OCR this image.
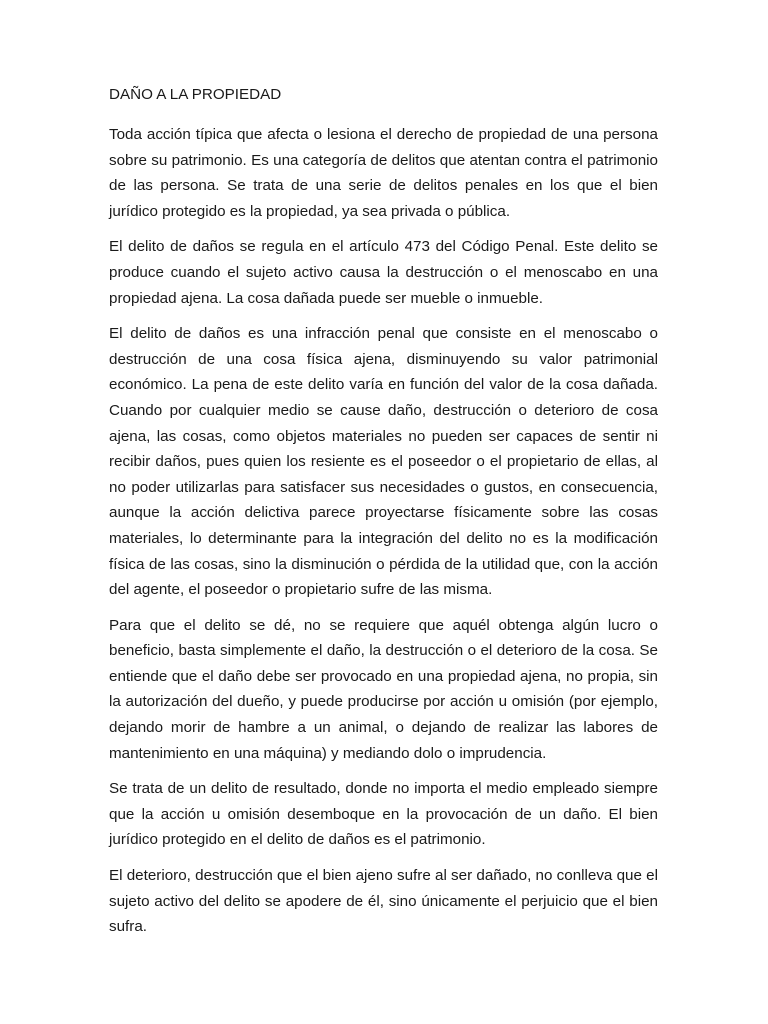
DAÑO A LA PROPIEDAD

Toda acción típica que afecta o lesiona el derecho de propiedad de una persona sobre su patrimonio. Es una categoría de delitos que atentan contra el patrimonio de las persona. Se trata de una serie de delitos penales en los que el bien jurídico protegido es la propiedad, ya sea privada o pública.

El delito de daños se regula en el artículo 473 del Código Penal. Este delito se produce cuando el sujeto activo causa la destrucción o el menoscabo en una propiedad ajena. La cosa dañada puede ser mueble o inmueble.

El delito de daños es una infracción penal que consiste en el menoscabo o destrucción de una cosa física ajena, disminuyendo su valor patrimonial económico. La pena de este delito varía en función del valor de la cosa dañada. Cuando por cualquier medio se cause daño, destrucción o deterioro de cosa ajena, las cosas, como objetos materiales no pueden ser capaces de sentir ni recibir daños, pues quien los resiente es el poseedor o el propietario de ellas, al no poder utilizarlas para satisfacer sus necesidades o gustos, en consecuencia, aunque la acción delictiva parece proyectarse físicamente sobre las cosas materiales, lo determinante para la integración del delito no es la modificación física de las cosas, sino la disminución o pérdida de la utilidad que, con la acción del agente, el poseedor o propietario sufre de las misma.

Para que el delito se dé, no se requiere que aquél obtenga algún lucro o beneficio, basta simplemente el daño, la destrucción o el deterioro de la cosa. Se entiende que el daño debe ser provocado en una propiedad ajena, no propia, sin la autorización del dueño, y puede producirse por acción u omisión (por ejemplo, dejando morir de hambre a un animal, o dejando de realizar las labores de mantenimiento en una máquina) y mediando dolo o imprudencia.

Se trata de un delito de resultado, donde no importa el medio empleado siempre que la acción u omisión desemboque en la provocación de un daño. El bien jurídico protegido en el delito de daños es el patrimonio.

El deterioro, destrucción que el bien ajeno sufre al ser dañado, no conlleva que el sujeto activo del delito se apodere de él, sino únicamente el perjuicio que el bien sufra.
